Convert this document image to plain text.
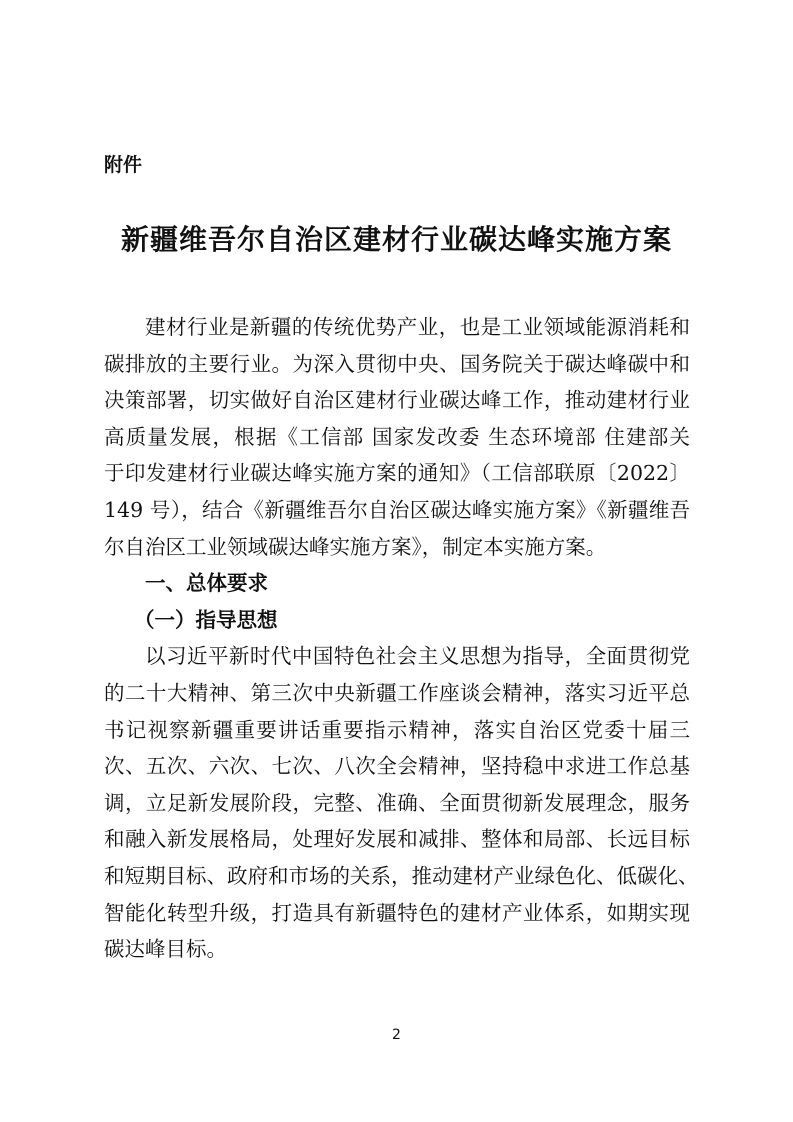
附件
新疆维吾尔自治区建材行业碳达峰实施方案
建材行业是新疆的传统优势产业，也是工业领域能源消耗和
碳排放的主要行业。为深入贯彻中央、国务院关于碳达峰碳中和
决策部署，切实做好自治区建材行业碳达峰工作，推动建材行业
高质量发展，根据《工信部 国家发改委 生态环境部 住建部关
于印发建材行业碳达峰实施方案的通知》（工信部联原〔2022〕
149 号），结合《新疆维吾尔自治区碳达峰实施方案》《新疆维吾
尔自治区工业领域碳达峰实施方案》，制定本实施方案。
一、总体要求
（一）指导思想
以习近平新时代中国特色社会主义思想为指导，全面贯彻党
的二十大精神、第三次中央新疆工作座谈会精神，落实习近平总
书记视察新疆重要讲话重要指示精神，落实自治区党委十届三
次、五次、六次、七次、八次全会精神，坚持稳中求进工作总基
调，立足新发展阶段，完整、准确、全面贯彻新发展理念，服务
和融入新发展格局，处理好发展和减排、整体和局部、长远目标
和短期目标、政府和市场的关系，推动建材产业绿色化、低碳化、
智能化转型升级，打造具有新疆特色的建材产业体系，如期实现
碳达峰目标。
2
